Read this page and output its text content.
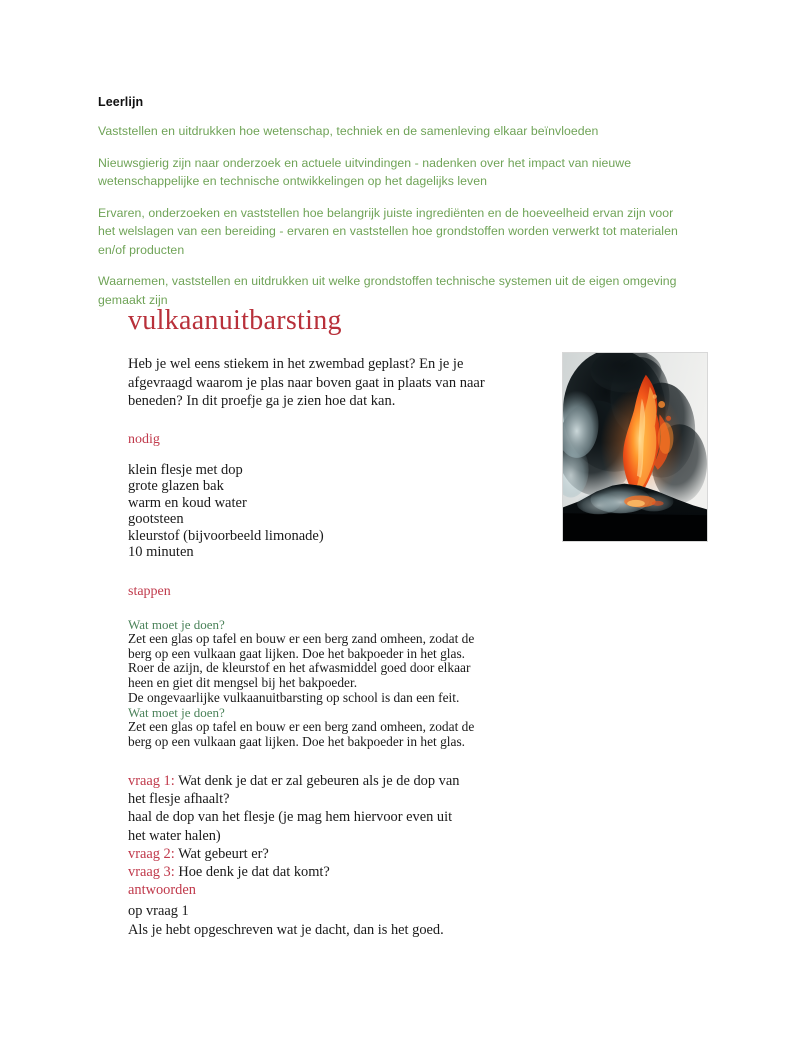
Leerlijn

Vaststellen en uitdrukken hoe wetenschap, techniek en de samenleving elkaar beïnvloeden

Nieuwsgierig zijn naar onderzoek en actuele uitvindingen - nadenken over het impact van nieuwe wetenschappelijke en technische ontwikkelingen op het dagelijks leven

Ervaren, onderzoeken en vaststellen hoe belangrijk juiste ingrediënten en de hoeveelheid ervan zijn voor het welslagen van een bereiding - ervaren en vaststellen hoe grondstoffen worden verwerkt tot materialen en/of producten

Waarnemen, vaststellen en uitdrukken uit welke grondstoffen technische systemen uit de eigen omgeving gemaakt zijn

vulkaanuitbarsting

Heb je wel eens stiekem in het zwembad geplast? En je je afgevraagd waarom je plas naar boven gaat in plaats van naar beneden? In dit proefje ga je zien hoe dat kan.

nodig

klein flesje met dop
grote glazen bak
warm en koud water
gootsteen
kleurstof (bijvoorbeeld limonade)
10 minuten

stappen

Wat moet je doen?

Zet een glas op tafel en bouw er een berg zand omheen, zodat de

berg op een vulkaan gaat lijken. Doe het bakpoeder in het glas.

Roer de azijn, de kleurstof en het afwasmiddel goed door elkaar

heen en giet dit mengsel bij het bakpoeder.

De ongevaarlijke vulkaanuitbarsting op school is dan een feit.

Wat moet je doen?

Zet een glas op tafel en bouw er een berg zand omheen, zodat de

berg op een vulkaan gaat lijken. Doe het bakpoeder in het glas.

vraag 1: Wat denk je dat er zal gebeuren als je de dop van

het flesje afhaalt?

haal de dop van het flesje (je mag hem hiervoor even uit

het water halen)

vraag 2: Wat gebeurt er?

vraag 3: Hoe denk je dat dat komt?

antwoorden

op vraag 1

Als je hebt opgeschreven wat je dacht, dan is het goed.
